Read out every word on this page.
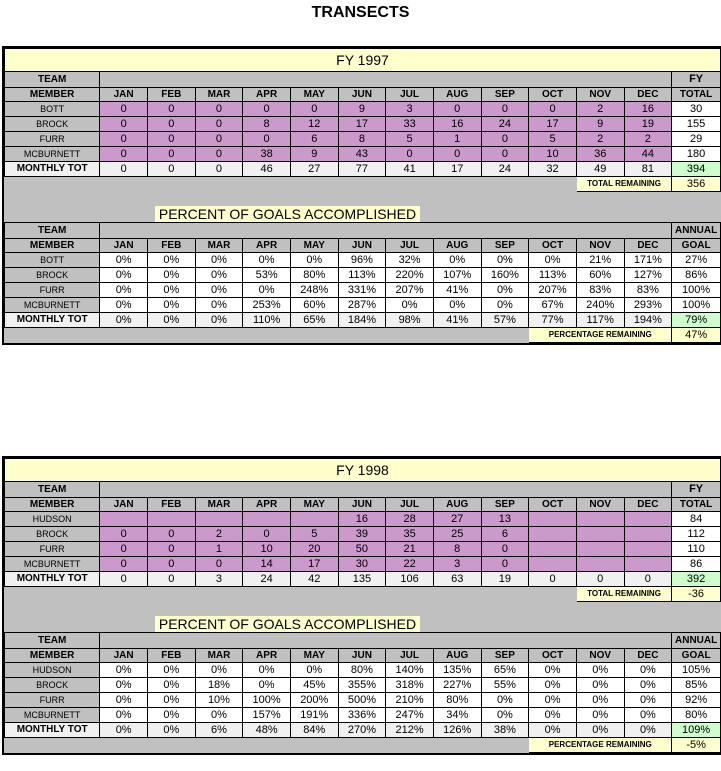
TRANSECTS
FY 1997													
TEAM													FY
MEMBER	JAN	FEB	MAR	APR	MAY	JUN	JUL	AUG	SEP	OCT	NOV	DEC	TOTAL
BOTT	0	0	0	0	0	9	3	0	0	0	2	16	30
BROCK	0	0	0	8	12	17	33	16	24	17	9	19	155
FURR	0	0	0	0	6	8	5	1	0	5	2	2	29
MCBURNETT	0	0	0	38	9	43	0	0	0	10	36	44	180
MONTHLY TOT	0	0	0	46	27	77	41	17	24	32	49	81	394
											TOTAL REMAINING		356
PERCENT OF GOALS ACCOMPLISHED
TEAM													ANNUAL
MEMBER	JAN	FEB	MAR	APR	MAY	JUN	JUL	AUG	SEP	OCT	NOV	DEC	GOAL
BOTT	0%	0%	0%	0%	0%	96%	32%	0%	0%	0%	21%	171%	27%
BROCK	0%	0%	0%	53%	80%	113%	220%	107%	160%	113%	60%	127%	86%
FURR	0%	0%	0%	0%	248%	331%	207%	41%	0%	207%	83%	83%	100%
MCBURNETT	0%	0%	0%	253%	60%	287%	0%	0%	0%	67%	240%	293%	100%
MONTHLY TOT	0%	0%	0%	110%	65%	184%	98%	41%	57%	77%	117%	194%	79%
										PERCENTAGE REMAINING			47%
FY 1998													
TEAM													FY
MEMBER	JAN	FEB	MAR	APR	MAY	JUN	JUL	AUG	SEP	OCT	NOV	DEC	TOTAL
HUDSON						16	28	27	13				84
BROCK	0	0	2	0	5	39	35	25	6				112
FURR	0	0	1	10	20	50	21	8	0				110
MCBURNETT	0	0	0	14	17	30	22	3	0				86
MONTHLY TOT	0	0	3	24	42	135	106	63	19	0	0	0	392
											TOTAL REMAINING		-36
PERCENT OF GOALS ACCOMPLISHED
TEAM													ANNUAL
MEMBER	JAN	FEB	MAR	APR	MAY	JUN	JUL	AUG	SEP	OCT	NOV	DEC	GOAL
HUDSON	0%	0%	0%	0%	0%	80%	140%	135%	65%	0%	0%	0%	105%
BROCK	0%	0%	18%	0%	45%	355%	318%	227%	55%	0%	0%	0%	85%
FURR	0%	0%	10%	100%	200%	500%	210%	80%	0%	0%	0%	0%	92%
MCBURNETT	0%	0%	0%	157%	191%	336%	247%	34%	0%	0%	0%	0%	80%
MONTHLY TOT	0%	0%	6%	48%	84%	270%	212%	126%	38%	0%	0%	0%	109%
										PERCENTAGE REMAINING			-5%
